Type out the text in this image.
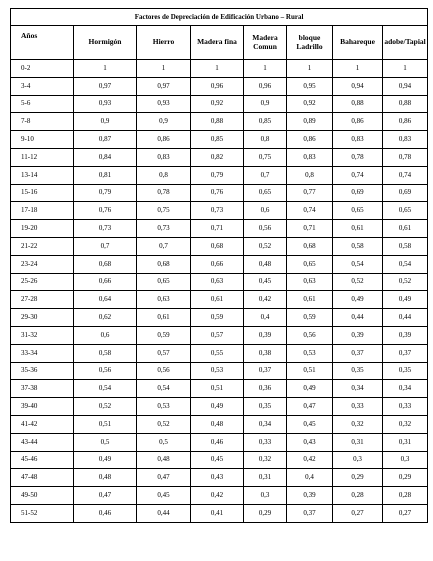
Factores de Depreciación de Edificación Urbano – Rural							
Años	Hormigón	Hierro	Madera fina	Madera Comun	bloque Ladrillo	Bahareque	adobe/Tapial
0-2	1	1	1	1	1	1	1
3-4	0,97	0,97	0,96	0,96	0,95	0,94	0,94
5-6	0,93	0,93	0,92	0,9	0,92	0,88	0,88
7-8	0,9	0,9	0,88	0,85	0,89	0,86	0,86
9-10	0,87	0,86	0,85	0,8	0,86	0,83	0,83
11-12	0,84	0,83	0,82	0,75	0,83	0,78	0,78
13-14	0,81	0,8	0,79	0,7	0,8	0,74	0,74
15-16	0,79	0,78	0,76	0,65	0,77	0,69	0,69
17-18	0,76	0,75	0,73	0,6	0,74	0,65	0,65
19-20	0,73	0,73	0,71	0,56	0,71	0,61	0,61
21-22	0,7	0,7	0,68	0,52	0,68	0,58	0,58
23-24	0,68	0,68	0,66	0,48	0,65	0,54	0,54
25-26	0,66	0,65	0,63	0,45	0,63	0,52	0,52
27-28	0,64	0,63	0,61	0,42	0,61	0,49	0,49
29-30	0,62	0,61	0,59	0,4	0,59	0,44	0,44
31-32	0,6	0,59	0,57	0,39	0,56	0,39	0,39
33-34	0,58	0,57	0,55	0,38	0,53	0,37	0,37
35-36	0,56	0,56	0,53	0,37	0,51	0,35	0,35
37-38	0,54	0,54	0,51	0,36	0,49	0,34	0,34
39-40	0,52	0,53	0,49	0,35	0,47	0,33	0,33
41-42	0,51	0,52	0,48	0,34	0,45	0,32	0,32
43-44	0,5	0,5	0,46	0,33	0,43	0,31	0,31
45-46	0,49	0,48	0,45	0,32	0,42	0,3	0,3
47-48	0,48	0,47	0,43	0,31	0,4	0,29	0,29
49-50	0,47	0,45	0,42	0,3	0,39	0,28	0,28
51-52	0,46	0,44	0,41	0,29	0,37	0,27	0,27
